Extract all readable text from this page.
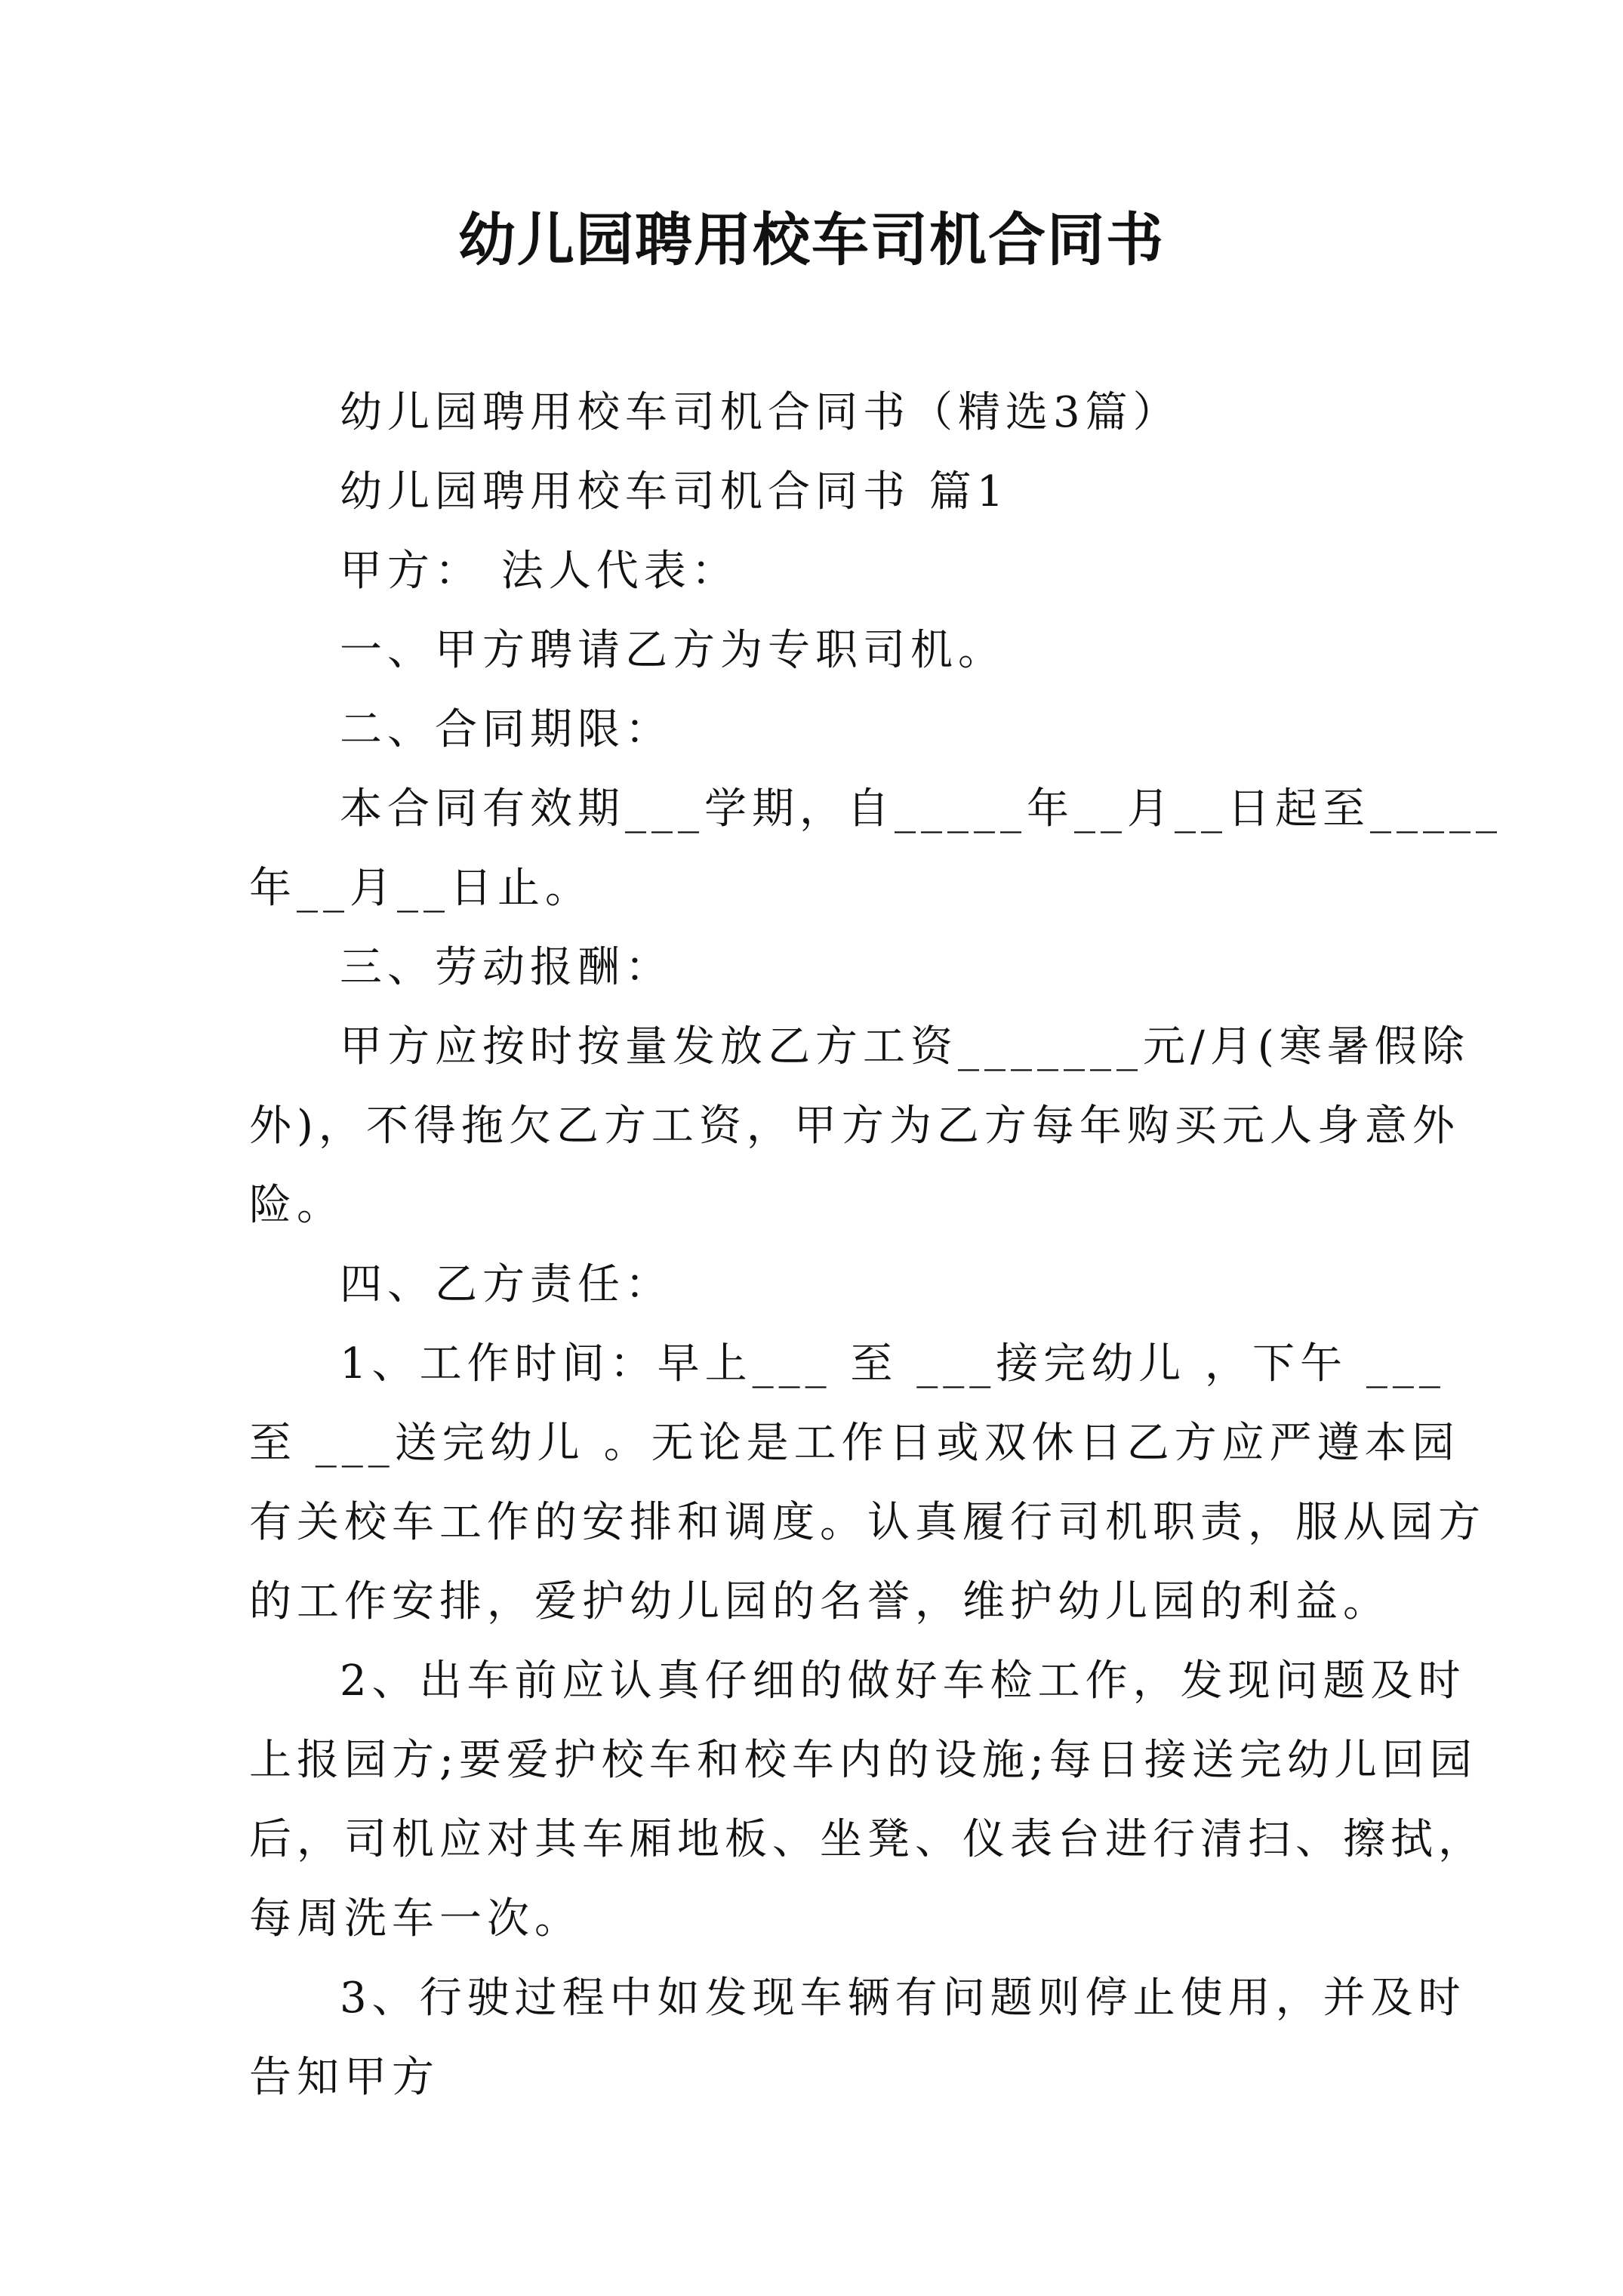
幼儿园聘用校车司机合同书
幼儿园聘用校车司机合同书（精选3篇）
幼儿园聘用校车司机合同书 篇1
甲方： 法人代表：
一、甲方聘请乙方为专职司机。
二、合同期限：
本合同有效期___学期，自_____年__月__日起至_____
年__月__日止。
三、劳动报酬：
甲方应按时按量发放乙方工资_______元/月(寒暑假除
外)，不得拖欠乙方工资，甲方为乙方每年购买元人身意外
险。
四、乙方责任：
1、工作时间：早上___ 至 ___接完幼儿 ，下午 ___
至 ___送完幼儿 。无论是工作日或双休日乙方应严遵本园
有关校车工作的安排和调度。认真履行司机职责，服从园方
的工作安排，爱护幼儿园的名誉，维护幼儿园的利益。
2、出车前应认真仔细的做好车检工作，发现问题及时
上报园方;要爱护校车和校车内的设施;每日接送完幼儿回园
后，司机应对其车厢地板、坐凳、仪表台进行清扫、擦拭，
每周洗车一次。
3、行驶过程中如发现车辆有问题则停止使用，并及时
告知甲方
